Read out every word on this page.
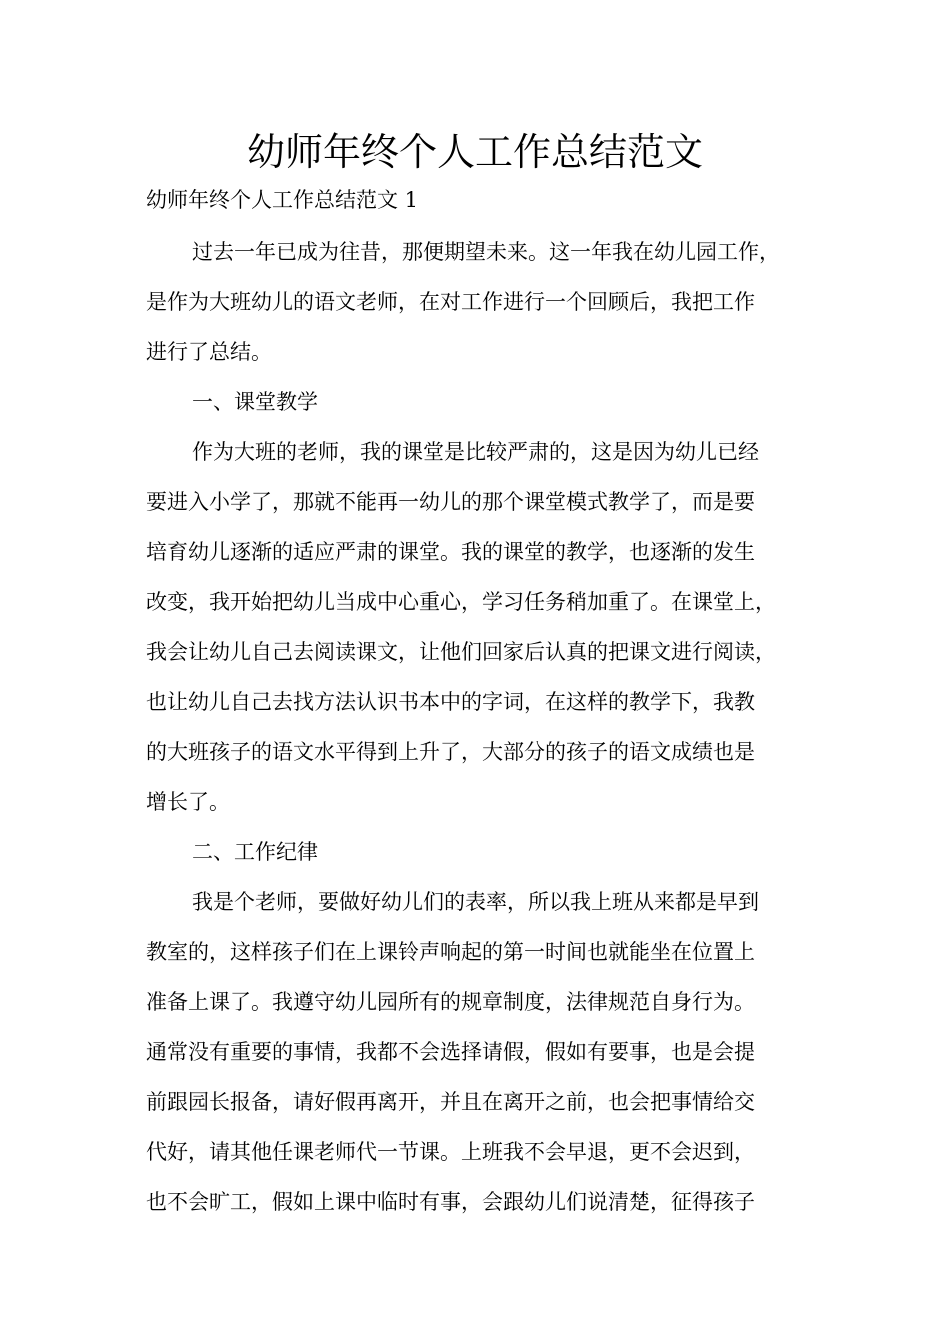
幼师年终个人工作总结范文

幼师年终个人工作总结范文 1

过去一年已成为往昔，那便期望未来。这一年我在幼儿园工作，
是作为大班幼儿的语文老师，在对工作进行一个回顾后，我把工作
进行了总结。
一、课堂教学
作为大班的老师，我的课堂是比较严肃的，这是因为幼儿已经
要进入小学了，那就不能再一幼儿的那个课堂模式教学了，而是要
培育幼儿逐渐的适应严肃的课堂。我的课堂的教学，也逐渐的发生
改变，我开始把幼儿当成中心重心，学习任务稍加重了。在课堂上，
我会让幼儿自己去阅读课文，让他们回家后认真的把课文进行阅读，
也让幼儿自己去找方法认识书本中的字词，在这样的教学下，我教
的大班孩子的语文水平得到上升了，大部分的孩子的语文成绩也是
增长了。
二、工作纪律
我是个老师，要做好幼儿们的表率，所以我上班从来都是早到
教室的，这样孩子们在上课铃声响起的第一时间也就能坐在位置上
准备上课了。我遵守幼儿园所有的规章制度，法律规范自身行为。
通常没有重要的事情，我都不会选择请假，假如有要事，也是会提
前跟园长报备，请好假再离开，并且在离开之前，也会把事情给交
代好，请其他任课老师代一节课。上班我不会早退，更不会迟到，
也不会旷工，假如上课中临时有事，会跟幼儿们说清楚，征得孩子
